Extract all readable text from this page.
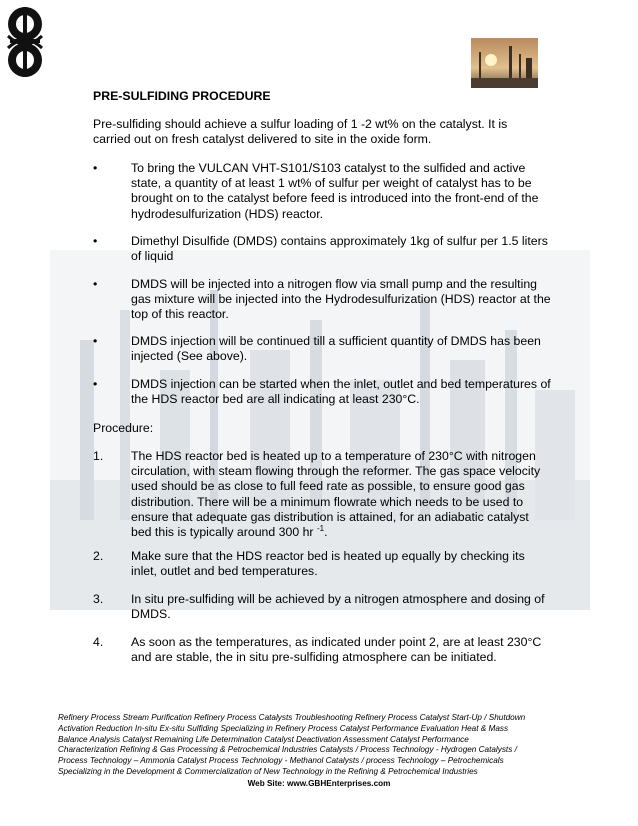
PRE-SULFIDING PROCEDURE
Pre-sulfiding should achieve a sulfur loading of 1 -2 wt% on the catalyst. It is carried out on fresh catalyst delivered to site in the oxide form.
•	To bring the VULCAN VHT-S101/S103 catalyst to the sulfided and active state, a quantity of at least 1 wt% of sulfur per weight of catalyst has to be brought on to the catalyst before feed is introduced into the front-end of the hydrodesulfurization (HDS) reactor.
•	Dimethyl Disulfide (DMDS) contains approximately 1kg of sulfur per 1.5 liters of liquid
•	DMDS will be injected into a nitrogen flow via small pump and the resulting gas mixture will be injected into the Hydrodesulfurization (HDS) reactor at the top of this reactor.
•	DMDS injection will be continued till a sufficient quantity of DMDS has been injected (See above).
•	DMDS injection can be started when the inlet, outlet and bed temperatures of the HDS reactor bed are all indicating at least 230°C.
Procedure:
1. The HDS reactor bed is heated up to a temperature of 230°C with nitrogen circulation, with steam flowing through the reformer. The gas space velocity used should be as close to full feed rate as possible, to ensure good gas distribution. There will be a minimum flowrate which needs to be used to ensure that adequate gas distribution is attained, for an adiabatic catalyst bed this is typically around 300 hr $^{-1}$.
2. Make sure that the HDS reactor bed is heated up equally by checking its inlet, outlet and bed temperatures.
3. In situ pre-sulfiding will be achieved by a nitrogen atmosphere and dosing of DMDS.
4. As soon as the temperatures, as indicated under point 2, are at least 230°C and are stable, the in situ pre-sulfiding atmosphere can be initiated.
Refinery Process Stream Purification Refinery Process Catalysts Troubleshooting Refinery Process Catalyst Start-Up / Shutdown
Activation Reduction In-situ Ex-situ Sulfiding Specializing in Refinery Process Catalyst Performance Evaluation Heat & Mass
Balance Analysis Catalyst Remaining Life Determination Catalyst Deactivation Assessment Catalyst Performance
Characterization Refining & Gas Processing & Petrochemical Industries Catalysts / Process Technology - Hydrogen Catalysts /
Process Technology – Ammonia Catalyst Process Technology - Methanol Catalysts / process Technology – Petrochemicals
Specializing in the Development & Commercialization of New Technology in the Refining & Petrochemical Industries
Web Site: www.GBHEnterprises.com
